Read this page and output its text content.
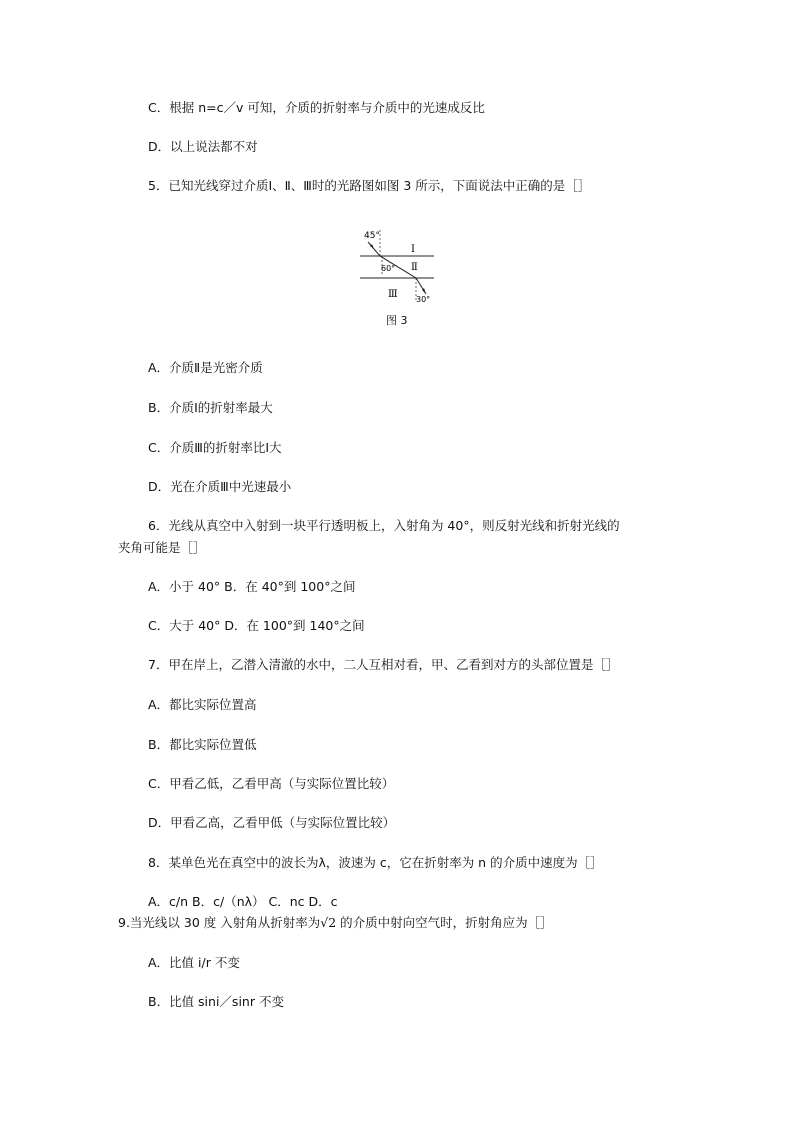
C．根据 n=c／v 可知，介质的折射率与介质中的光速成反比
D．以上说法都不对
5．已知光线穿过介质Ⅰ、Ⅱ、Ⅲ时的光路图如图 3 所示，下面说法中正确的是［］
45°
60°
30°
Ⅰ
Ⅱ
Ⅲ
图 3
A．介质Ⅱ是光密介质
B．介质Ⅰ的折射率最大
C．介质Ⅲ的折射率比Ⅰ大
D．光在介质Ⅲ中光速最小
6．光线从真空中入射到一块平行透明板上，入射角为 40°，则反射光线和折射光线的
夹角可能是［］
A．小于 40° B．在 40°到 100°之间
C．大于 40° D．在 100°到 140°之间
7．甲在岸上，乙潜入清澈的水中，二人互相对看，甲、乙看到对方的头部位置是［］
A．都比实际位置高
B．都比实际位置低
C．甲看乙低，乙看甲高（与实际位置比较）
D．甲看乙高，乙看甲低（与实际位置比较）
8．某单色光在真空中的波长为λ，波速为 c，它在折射率为 n 的介质中速度为［］
A．c/n B．c/（nλ） C．nc D．c
9.当光线以 30 度 入射角从折射率为√2 的介质中射向空气时，折射角应为［］
A．比值 i/r 不变
B．比值 sini／sinr 不变
